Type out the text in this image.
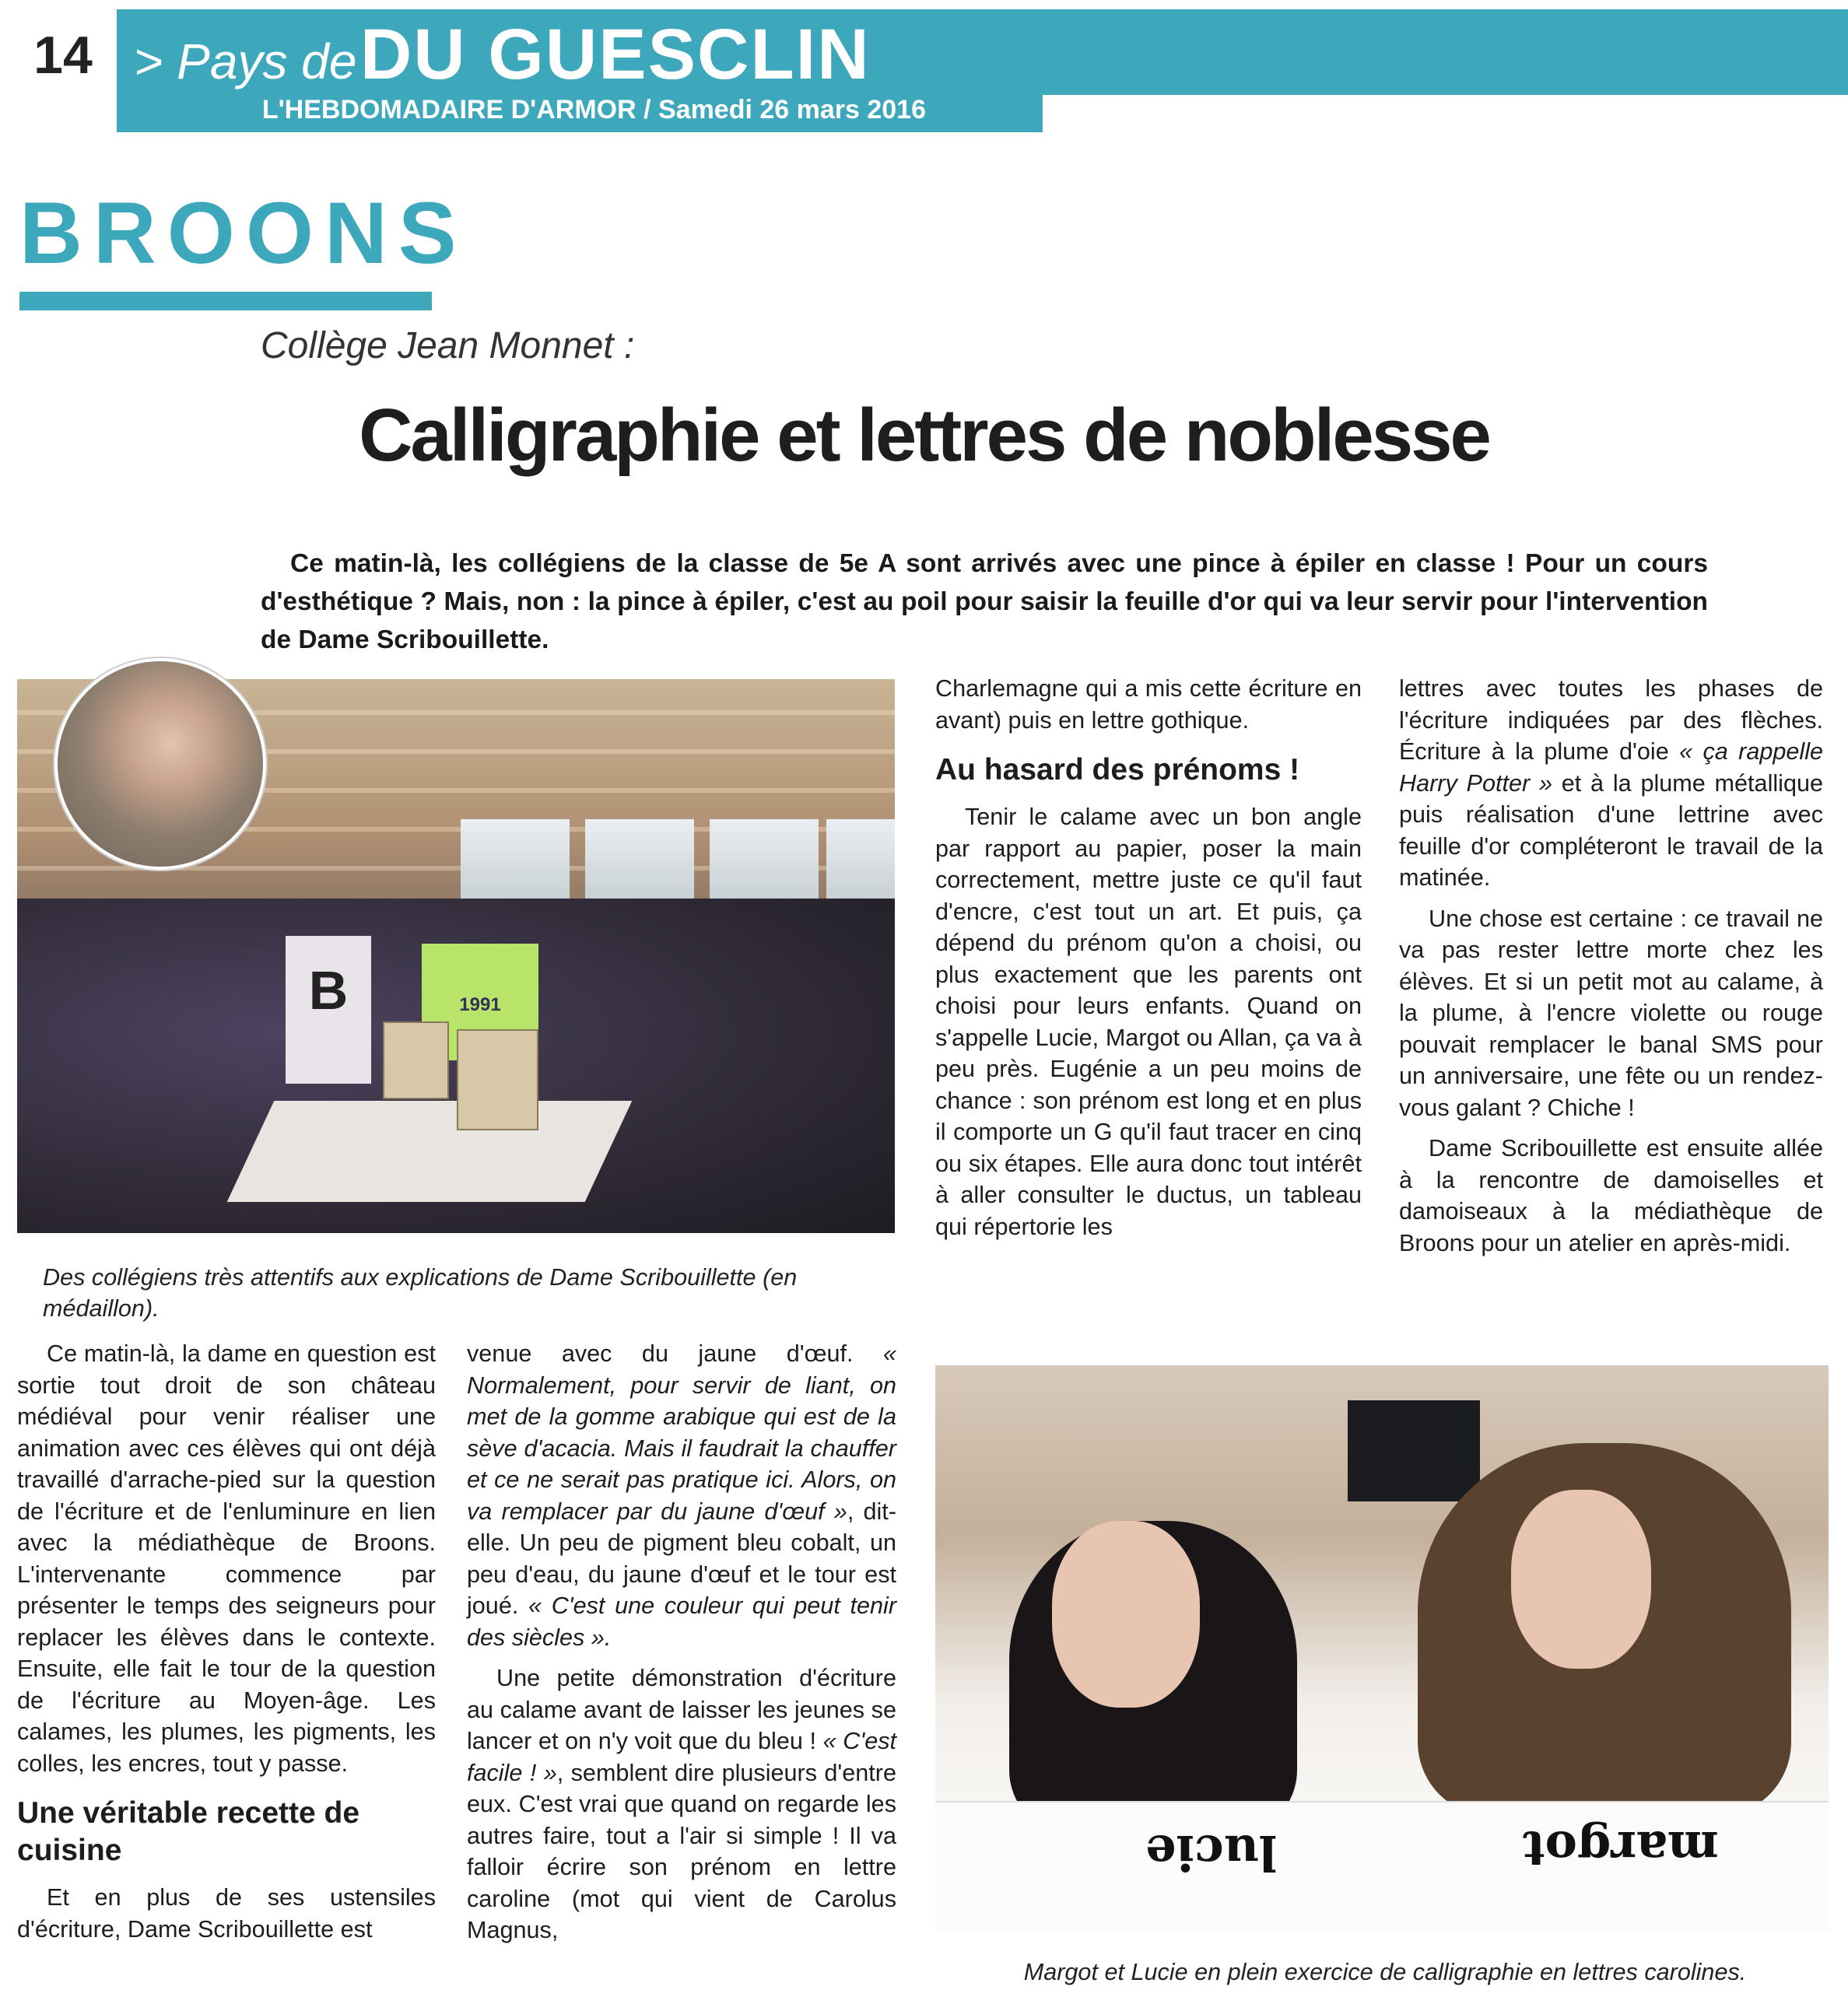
14 > Pays de DU GUESCLIN
L'HEBDOMADAIRE D'ARMOR / Samedi 26 mars 2016
BROONS
Collège Jean Monnet :
Calligraphie et lettres de noblesse
Ce matin-là, les collégiens de la classe de 5e A sont arrivés avec une pince à épiler en classe ! Pour un cours d'esthétique ? Mais, non : la pince à épiler, c'est au poil pour saisir la feuille d'or qui va leur servir pour l'intervention de Dame Scribouillette.
B	1991
Des collégiens très attentifs aux explications de Dame Scribouillette (en médaillon).

Ce matin-là, la dame en question est sortie tout droit de son château médiéval pour venir réaliser une animation avec ces élèves qui ont déjà travaillé d'arrache-pied sur la question de l'écriture et de l'enluminure en lien avec la médiathèque de Broons. L'intervenante commence par présenter le temps des seigneurs pour replacer les élèves dans le contexte. Ensuite, elle fait le tour de la question de l'écriture au Moyen-âge. Les calames, les plumes, les pigments, les colles, les encres, tout y passe.

Une véritable recette de cuisine

Et en plus de ses ustensiles d'écriture, Dame Scribouillette est

venue avec du jaune d'œuf. « Normalement, pour servir de liant, on met de la gomme arabique qui est de la sève d'acacia. Mais il faudrait la chauffer et ce ne serait pas pratique ici. Alors, on va remplacer par du jaune d'œuf », dit-elle. Un peu de pigment bleu cobalt, un peu d'eau, du jaune d'œuf et le tour est joué. « C'est une couleur qui peut tenir des siècles ».

Une petite démonstration d'écriture au calame avant de laisser les jeunes se lancer et on n'y voit que du bleu ! « C'est facile ! », semblent dire plusieurs d'entre eux. C'est vrai que quand on regarde les autres faire, tout a l'air si simple ! Il va falloir écrire son prénom en lettre caroline (mot qui vient de Carolus Magnus,

Charlemagne qui a mis cette écriture en avant) puis en lettre gothique.

Au hasard des prénoms !

Tenir le calame avec un bon angle par rapport au papier, poser la main correctement, mettre juste ce qu'il faut d'encre, c'est tout un art. Et puis, ça dépend du prénom qu'on a choisi, ou plus exactement que les parents ont choisi pour leurs enfants. Quand on s'appelle Lucie, Margot ou Allan, ça va à peu près. Eugénie a un peu moins de chance : son prénom est long et en plus il comporte un G qu'il faut tracer en cinq ou six étapes. Elle aura donc tout intérêt à aller consulter le ductus, un tableau qui répertorie les

lettres avec toutes les phases de l'écriture indiquées par des flèches. Écriture à la plume d'oie « ça rappelle Harry Potter » et à la plume métallique puis réalisation d'une lettrine avec feuille d'or compléteront le travail de la matinée.

Une chose est certaine : ce travail ne va pas rester lettre morte chez les élèves. Et si un petit mot au calame, à la plume, à l'encre violette ou rouge pouvait remplacer le banal SMS pour un anniversaire, une fête ou un rendez-vous galant ? Chiche !

Dame Scribouillette est ensuite allée à la rencontre de damoiselles et damoiseaux à la médiathèque de Broons pour un atelier en après-midi.

lucie	margot
Margot et Lucie en plein exercice de calligraphie en lettres carolines.
